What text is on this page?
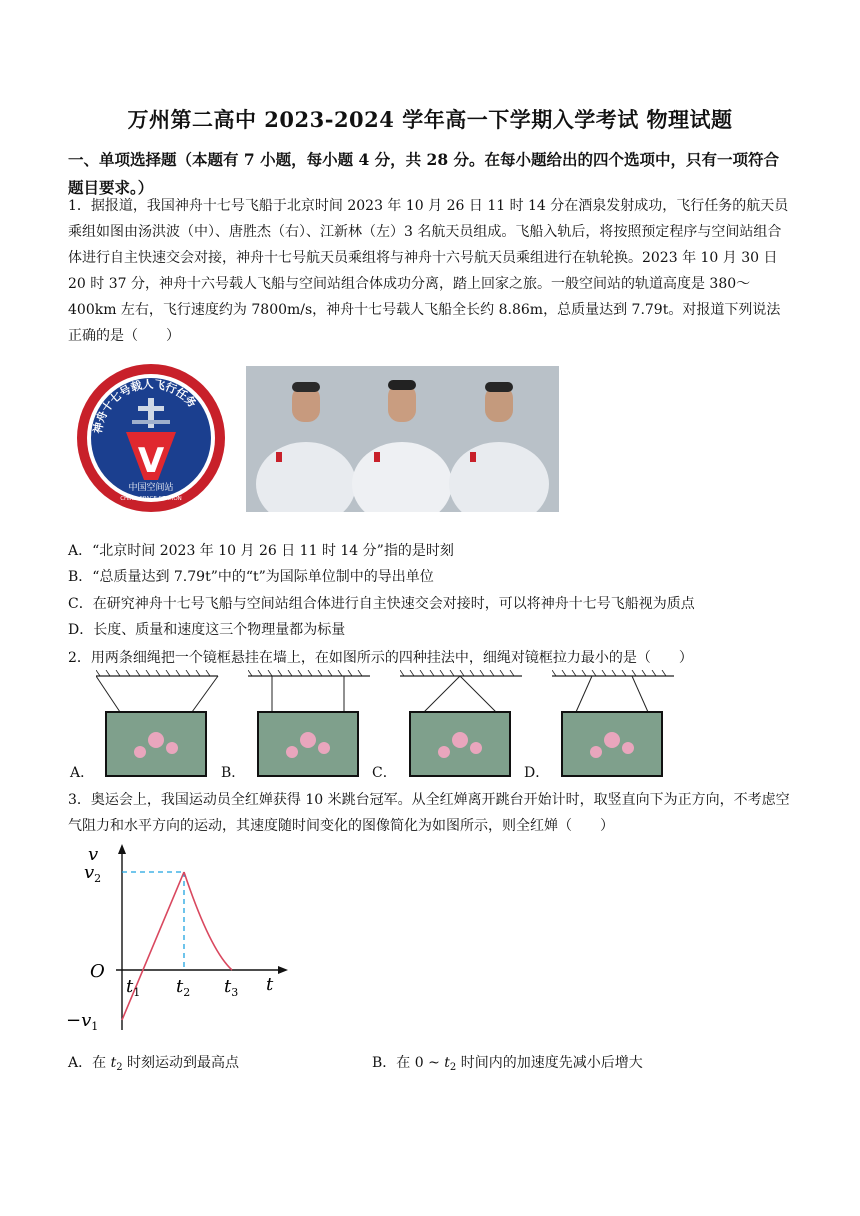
万州第二高中 2023-2024 学年高一下学期入学考试 物理试题
一、单项选择题（本题有 7 小题，每小题 4 分，共 28 分。在每小题给出的四个选项中，只有一项符合题目要求。）
1．据报道，我国神舟十七号飞船于北京时间 2023 年 10 月 26 日 11 时 14 分在酒泉发射成功，飞行任务的航天员乘组如图由汤洪波（中）、唐胜杰（右）、江新林（左）3 名航天员组成。飞船入轨后，将按照预定程序与空间站组合体进行自主快速交会对接，神舟十七号航天员乘组将与神舟十六号航天员乘组进行在轨轮换。2023 年 10 月 30 日 20 时 37 分，神舟十六号载人飞船与空间站组合体成功分离，踏上回家之旅。一般空间站的轨道高度是 380～400km 左右，飞行速度约为 7800m/s，神舟十七号载人飞船全长约 8.86m，总质量达到 7.79t。对报道下列说法正确的是（　　）
神舟十七号载人飞行任务
V
中国空间站
CHINA SPACE STATION
A．“北京时间 2023 年 10 月 26 日 11 时 14 分”指的是时刻
B．“总质量达到 7.79t”中的“t”为国际单位制中的导出单位
C．在研究神舟十七号飞船与空间站组合体进行自主快速交会对接时，可以将神舟十七号飞船视为质点
D．长度、质量和速度这三个物理量都为标量
2．用两条细绳把一个镜框悬挂在墙上，在如图所示的四种挂法中，细绳对镜框拉力最小的是（　　）
A．	B．	C．	D．
3．奥运会上，我国运动员全红婵获得 10 米跳台冠军。从全红婵离开跳台开始计时，取竖直向下为正方向，不考虑空气阻力和水平方向的运动，其速度随时间变化的图像简化为如图所示，则全红婵（　　）
v
$v_2$
O
$-v_1$
$t_1$ $t_2$ $t_3$ t
A．在 $t_2$ 时刻运动到最高点	B．在 0 ~ $t_2$ 时间内的加速度先减小后增大
